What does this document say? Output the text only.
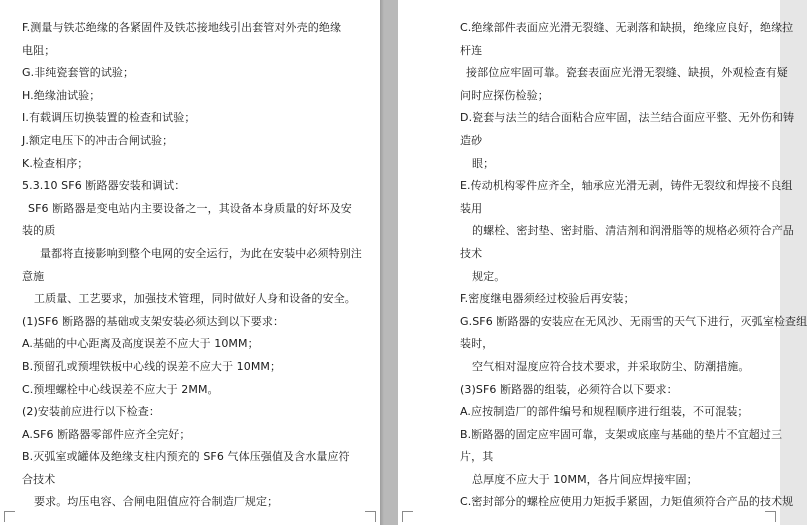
F.测量与铁芯绝缘的各紧固件及铁芯接地线引出套管对外壳的绝缘
电阻；
G.非纯瓷套管的试验；
H.绝缘油试验；
I.有载调压切换装置的检查和试验；
J.额定电压下的冲击合闸试验；
K.检查相序；
5.3.10 SF6 断路器安装和调试：
SF6 断路器是变电站内主要设备之一，其设备本身质量的好坏及安
装的质
量都将直接影响到整个电网的安全运行，为此在安装中必须特别注
意施
工质量、工艺要求，加强技术管理，同时做好人身和设备的安全。
(1)SF6 断路器的基础或支架安装必须达到以下要求：
A.基础的中心距离及高度误差不应大于 10MM；
B.预留孔或预埋铁板中心线的误差不应大于 10MM；
C.预埋螺栓中心线误差不应大于 2MM。
(2)安装前应进行以下检查：
A.SF6 断路器零部件应齐全完好；
B.灭弧室或罐体及绝缘支柱内预充的 SF6 气体压强值及含水量应符
合技术
要求。均压电容、合闸电阻值应符合制造厂规定；
C.绝缘部件表面应光滑无裂缝、无剥落和缺损，绝缘应良好，绝缘拉
杆连
接部位应牢固可靠。瓷套表面应光滑无裂缝、缺损，外观检查有疑
问时应探伤检验；
D.瓷套与法兰的结合面粘合应牢固，法兰结合面应平整、无外伤和铸
造砂
眼；
E.传动机构零件应齐全，轴承应光滑无剥，铸件无裂纹和焊接不良组
装用
的螺栓、密封垫、密封脂、清洁剂和润滑脂等的规格必须符合产品
技术
规定。
F.密度继电器须经过校验后再安装；
G.SF6 断路器的安装应在无风沙、无雨雪的天气下进行，灭弧室检查组
装时，
空气相对湿度应符合技术要求，并采取防尘、防潮措施。
(3)SF6 断路器的组装，必须符合以下要求：
A.应按制造厂的部件编号和规程顺序进行组装，不可混装；
B.断路器的固定应牢固可靠，支架或底座与基础的垫片不宜超过三
片，其
总厚度不应大于 10MM，各片间应焊接牢固；
C.密封部分的螺栓应使用力矩扳手紧固，力矩值须符合产品的技术规
